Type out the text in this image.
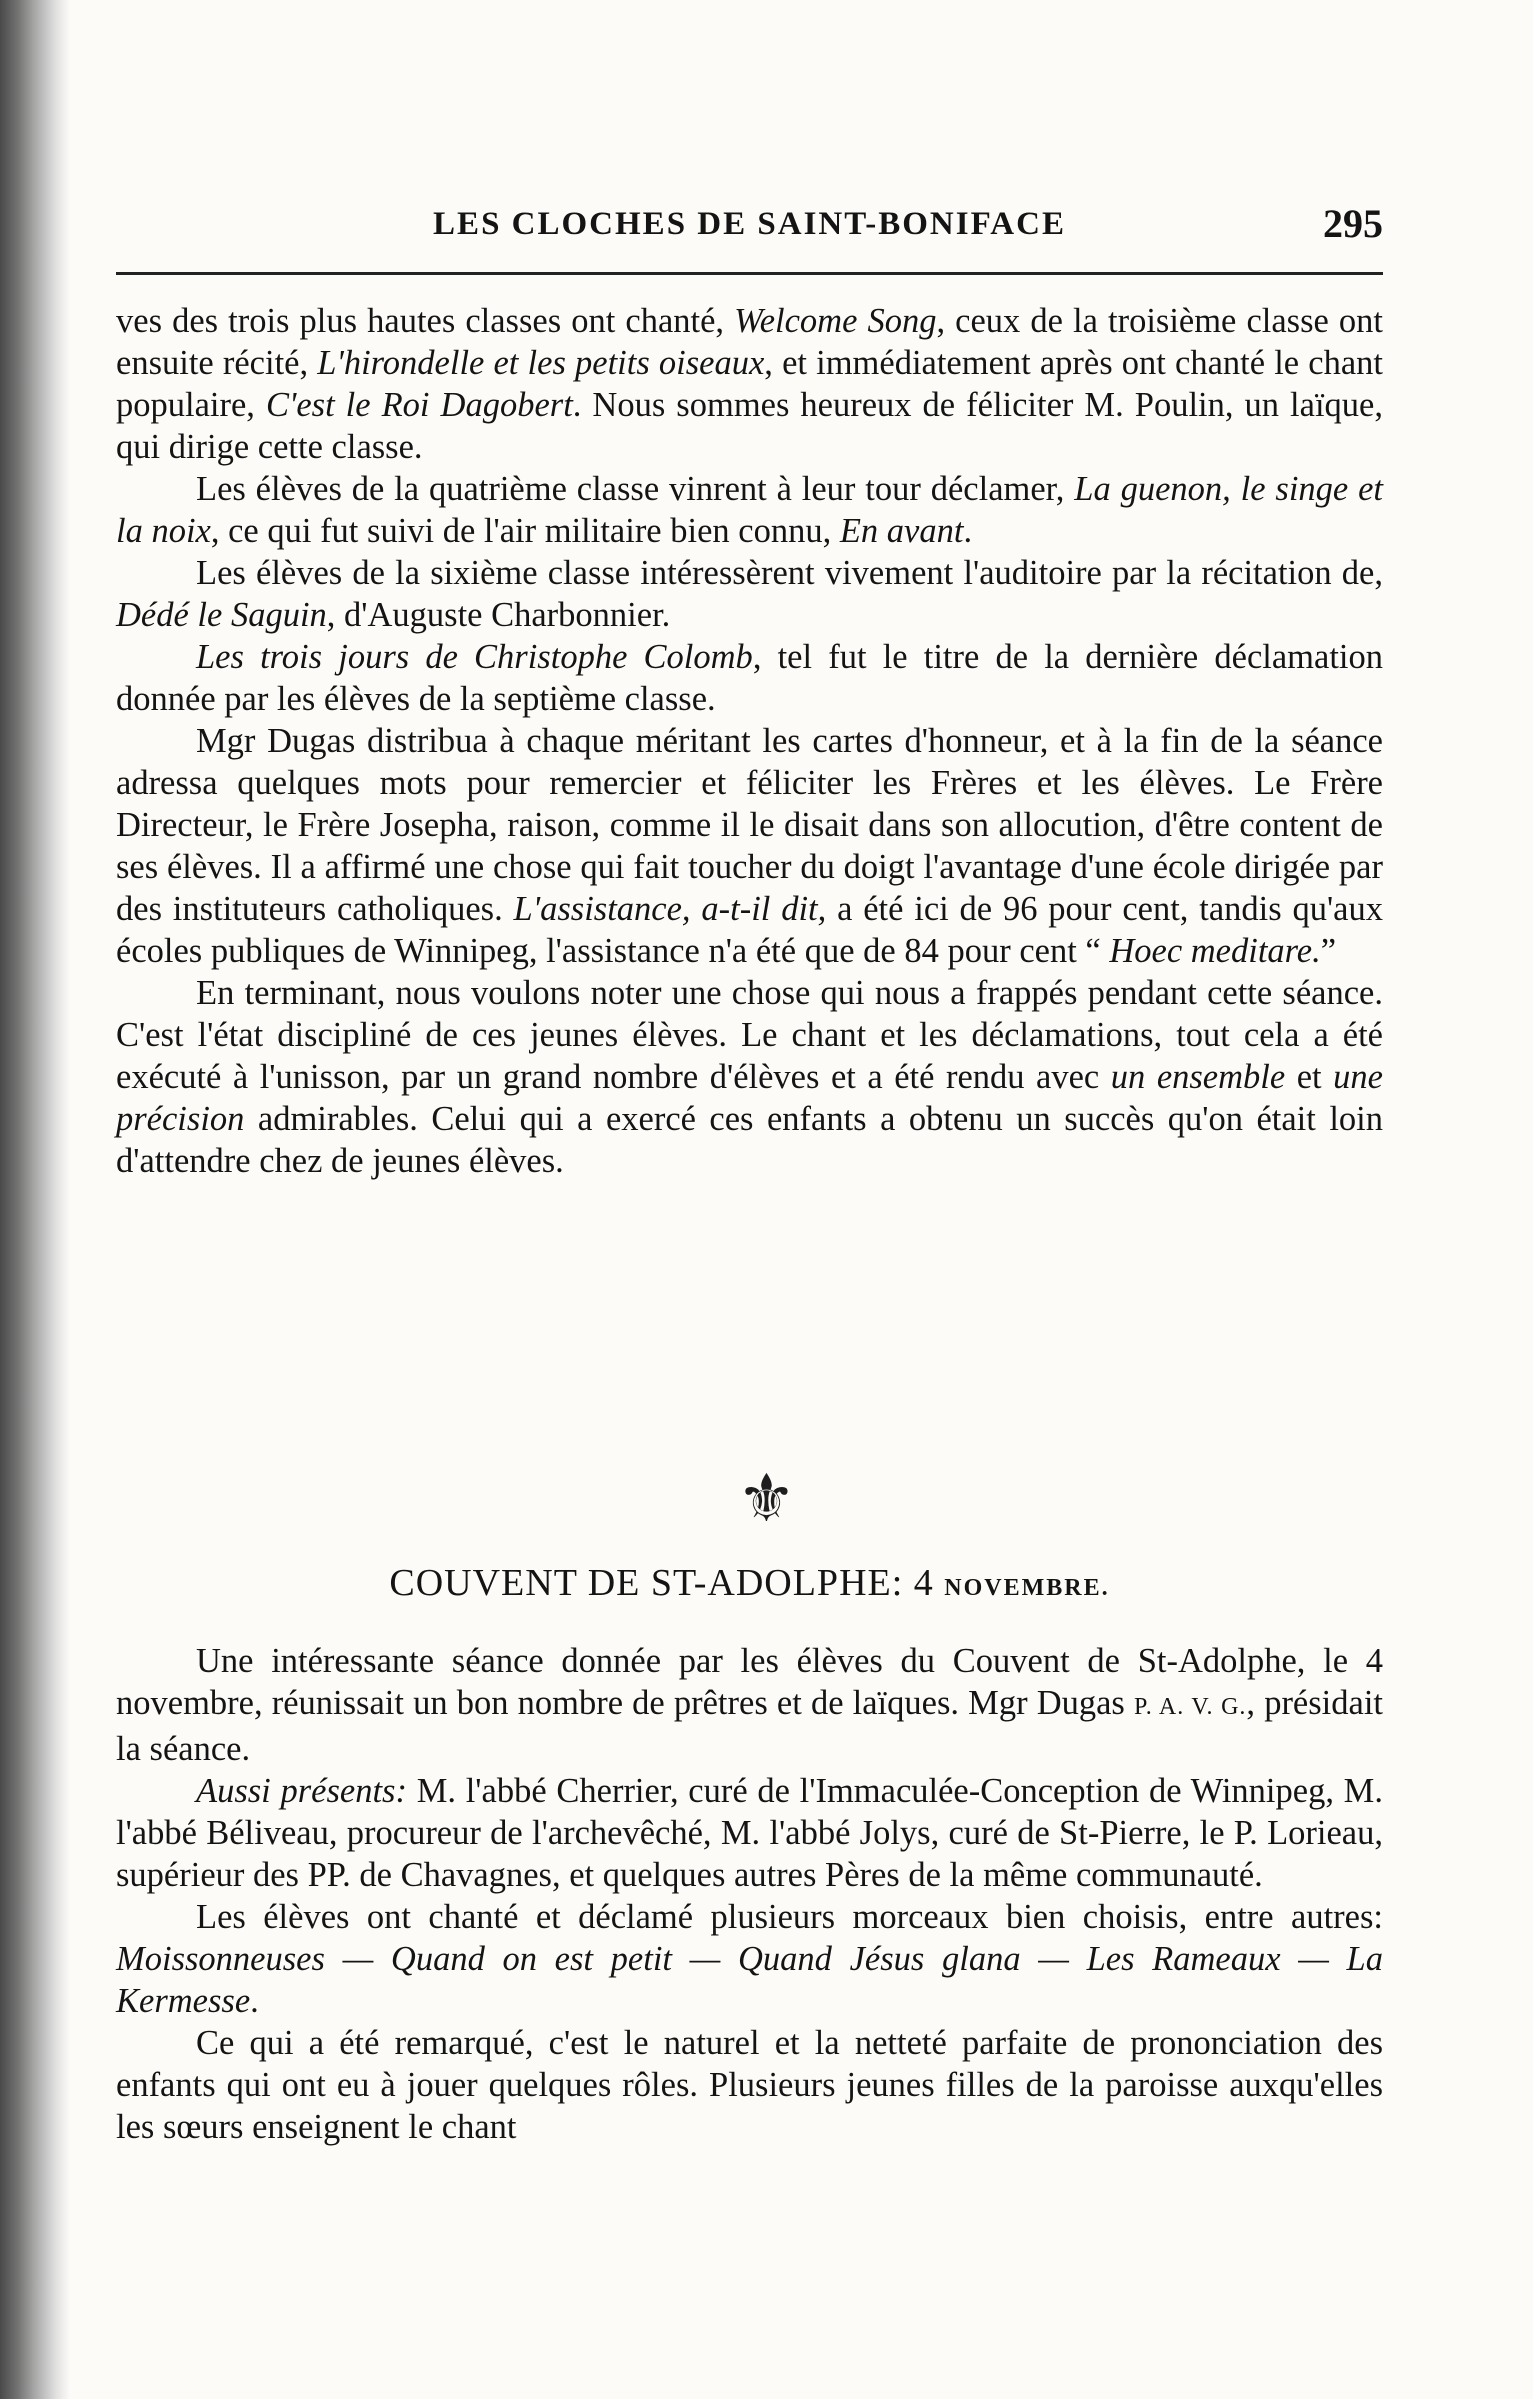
LES CLOCHES DE SAINT-BONIFACE	295

ves des trois plus hautes classes ont chanté, Welcome Song, ceux de la troisième classe ont ensuite récité, L'hirondelle et les petits oiseaux, et immédiatement après ont chanté le chant populaire, C'est le Roi Dagobert. Nous sommes heureux de féliciter M. Poulin, un laïque, qui dirige cette classe.

Les élèves de la quatrième classe vinrent à leur tour déclamer, La guenon, le singe et la noix, ce qui fut suivi de l'air militaire bien connu, En avant.

Les élèves de la sixième classe intéressèrent vivement l'auditoire par la récitation de, Dédé le Saguin, d'Auguste Charbonnier.

Les trois jours de Christophe Colomb, tel fut le titre de la dernière déclamation donnée par les élèves de la septième classe.

Mgr Dugas distribua à chaque méritant les cartes d'honneur, et à la fin de la séance adressa quelques mots pour remercier et féliciter les Frères et les élèves. Le Frère Directeur, le Frère Josepha, raison, comme il le disait dans son allocution, d'être content de ses élèves. Il a affirmé une chose qui fait toucher du doigt l'avantage d'une école dirigée par des instituteurs catholiques. L'assistance, a-t-il dit, a été ici de 96 pour cent, tandis qu'aux écoles publiques de Winnipeg, l'assistance n'a été que de 84 pour cent “ Hoec meditare.”

En terminant, nous voulons noter une chose qui nous a frappés pendant cette séance. C'est l'état discipliné de ces jeunes élèves. Le chant et les déclamations, tout cela a été exécuté à l'unisson, par un grand nombre d'élèves et a été rendu avec un ensemble et une précision admirables. Celui qui a exercé ces enfants a obtenu un succès qu'on était loin d'attendre chez de jeunes élèves.

⚜
COUVENT DE ST-ADOLPHE: 4 NOVEMBRE.

Une intéressante séance donnée par les élèves du Couvent de St-Adolphe, le 4 novembre, réunissait un bon nombre de prêtres et de laïques. Mgr Dugas P. A. V. G., présidait la séance.

Aussi présents: M. l'abbé Cherrier, curé de l'Immaculée-Conception de Winnipeg, M. l'abbé Béliveau, procureur de l'archevêché, M. l'abbé Jolys, curé de St-Pierre, le P. Lorieau, supérieur des PP. de Chavagnes, et quelques autres Pères de la même communauté.

Les élèves ont chanté et déclamé plusieurs morceaux bien choisis, entre autres: Moissonneuses — Quand on est petit — Quand Jésus glana — Les Rameaux — La Kermesse.

Ce qui a été remarqué, c'est le naturel et la netteté parfaite de prononciation des enfants qui ont eu à jouer quelques rôles. Plusieurs jeunes filles de la paroisse auxqu'elles les sœurs enseignent le chant
